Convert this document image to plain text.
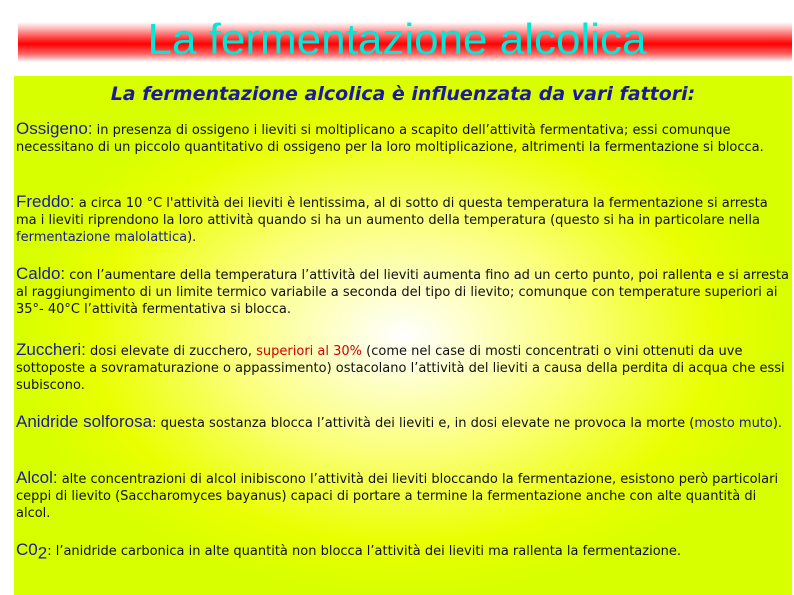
La fermentazione alcolica

La fermentazione alcolica è influenzata da vari fattori:

Ossigeno: in presenza di ossigeno i lieviti si moltiplicano a scapito dell’attività fermentativa; essi comunque necessitano di un piccolo quantitativo di ossigeno per la loro moltiplicazione, altrimenti la fermentazione si blocca.

Freddo: a circa 10 °C l'attività dei lieviti è lentissima, al di sotto di questa temperatura la fermentazione si arresta ma i lieviti riprendono la loro attività quando si ha un aumento della temperatura (questo si ha in particolare nella fermentazione malolattica).

Caldo: con l’aumentare della temperatura l’attività del lieviti aumenta fino ad un certo punto, poi rallenta e si arresta al raggiungimento di un limite termico variabile a seconda del tipo di lievito; comunque con temperature superiori ai 35°- 40°C l’attività fermentativa si blocca.

Zuccheri: dosi elevate di zucchero, superiori al 30% (come nel case di mosti concentrati o vini ottenuti da uve sottoposte a sovramaturazione o appassimento) ostacolano l’attività del lieviti a causa della perdita di acqua che essi subiscono.

Anidride solforosa: questa sostanza blocca l’attività dei lieviti e, in dosi elevate ne provoca la morte (mosto muto).

Alcol: alte concentrazioni di alcol inibiscono l’attività dei lieviti bloccando la fermentazione, esistono però particolari ceppi di lievito (Saccharomyces bayanus) capaci di portare a termine la fermentazione anche con alte quantità di alcol.

$C0_2$: l’anidride carbonica in alte quantità non blocca l’attività dei lieviti ma rallenta la fermentazione.
